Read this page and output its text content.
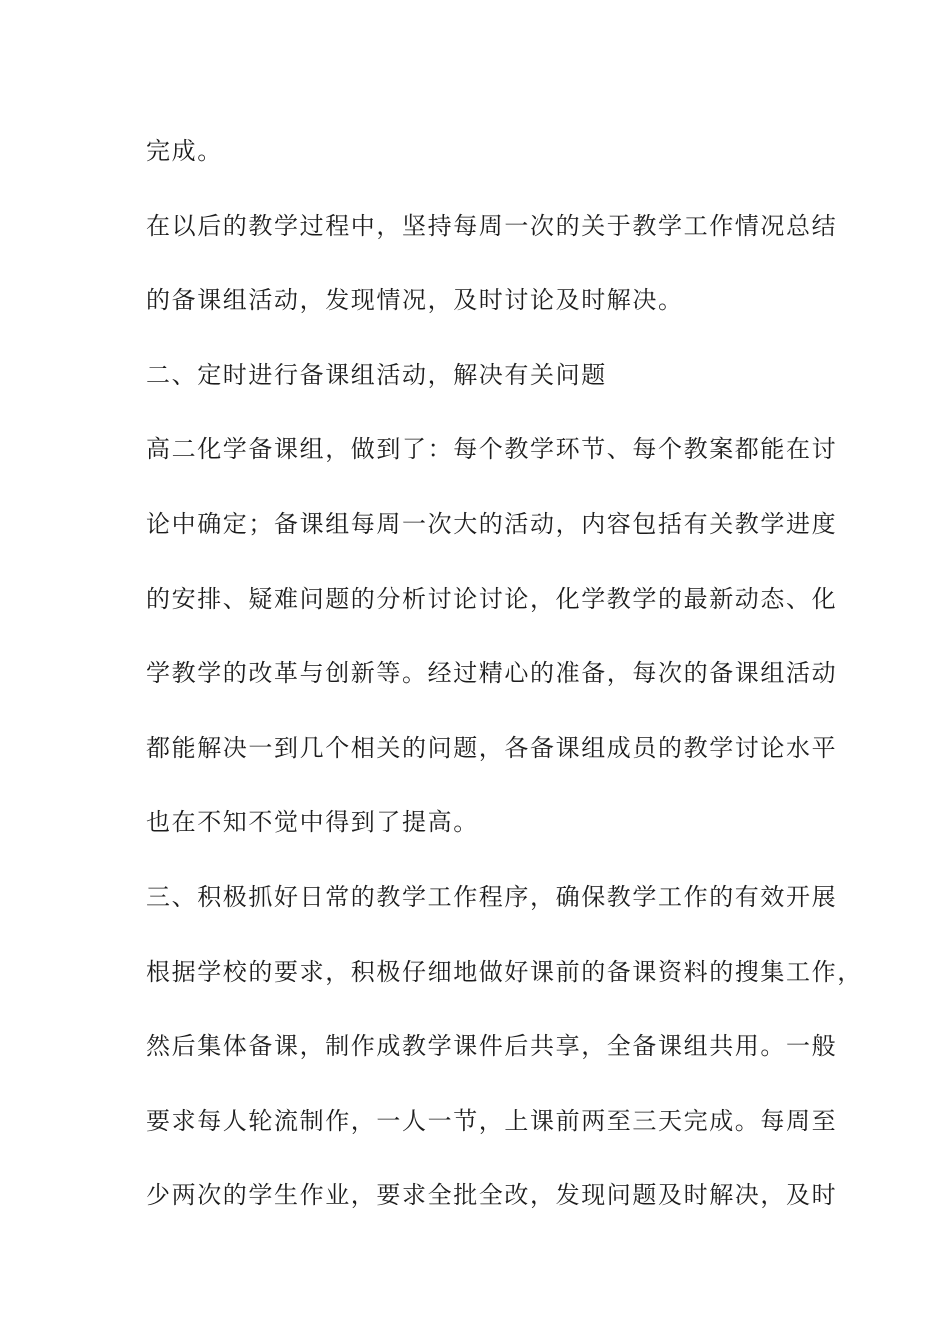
完成。

在以后的教学过程中，坚持每周一次的关于教学工作情况总结

的备课组活动，发现情况，及时讨论及时解决。

二、定时进行备课组活动，解决有关问题

高二化学备课组，做到了：每个教学环节、每个教案都能在讨

论中确定；备课组每周一次大的活动，内容包括有关教学进度

的安排、疑难问题的分析讨论讨论，化学教学的最新动态、化

学教学的改革与创新等。经过精心的准备，每次的备课组活动

都能解决一到几个相关的问题，各备课组成员的教学讨论水平

也在不知不觉中得到了提高。

三、积极抓好日常的教学工作程序，确保教学工作的有效开展

根据学校的要求，积极仔细地做好课前的备课资料的搜集工作，

然后集体备课，制作成教学课件后共享，全备课组共用。一般

要求每人轮流制作，一人一节，上课前两至三天完成。每周至

少两次的学生作业，要求全批全改，发现问题及时解决，及时
